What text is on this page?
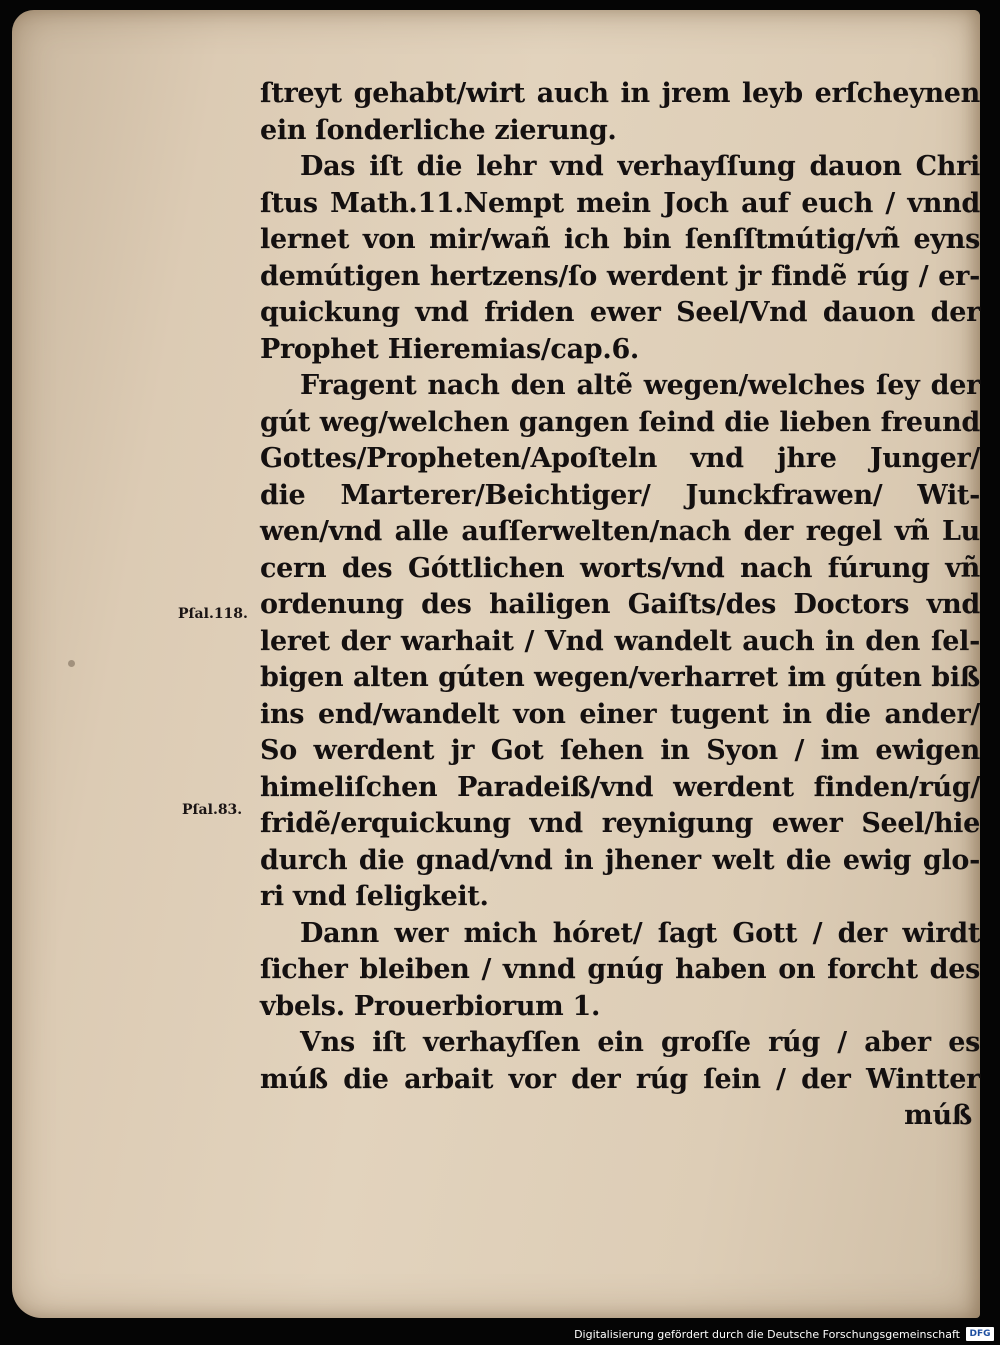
Pſal.118.
Pſal.83.
ſtreyt gehabt/wirt auch in jrem leyb erſcheynen
ein ſonderliche zierung.
Das iſt die lehr vnd verhayſſung dauon Chri
ſtus Math.11.Nempt mein Joch auf euch / vnnd
lernet von mir/wañ ich bin ſenſſtmútig/vñ eyns
demútigen hertzens/ſo werdent jr findẽ rúg / er-
quickung vnd friden ewer Seel/Vnd dauon der
Prophet Hieremias/cap.6.
Fragent nach den altẽ wegen/welches ſey der
gút weg/welchen gangen ſeind die lieben freund
Gottes/Propheten/Apoſteln vnd jhre Junger/
die Marterer/Beichtiger/ Junckfrawen/ Wit-
wen/vnd alle auſſerwelten/nach der regel vñ Lu
cern des Góttlichen worts/vnd nach fúrung vñ
ordenung des hailigen Gaiſts/des Doctors vnd
leret der warhait / Vnd wandelt auch in den ſel-
bigen alten gúten wegen/verharret im gúten biß
ins end/wandelt von einer tugent in die ander/
So werdent jr Got ſehen in Syon / im ewigen
himeliſchen Paradeiß/vnd werdent finden/rúg/
fridẽ/erquickung vnd reynigung ewer Seel/hie
durch die gnad/vnd in jhener welt die ewig glo-
ri vnd ſeligkeit.
Dann wer mich hóret/ ſagt Gott / der wirdt
ſicher bleiben / vnnd gnúg haben on forcht des
vbels. Prouerbiorum 1.
Vns iſt verhayſſen ein groſſe rúg / aber es
múß die arbait vor der rúg ſein / der Wintter
múß
Digitalisierung gefördert durch die Deutsche Forschungsgemeinschaft	DFG
